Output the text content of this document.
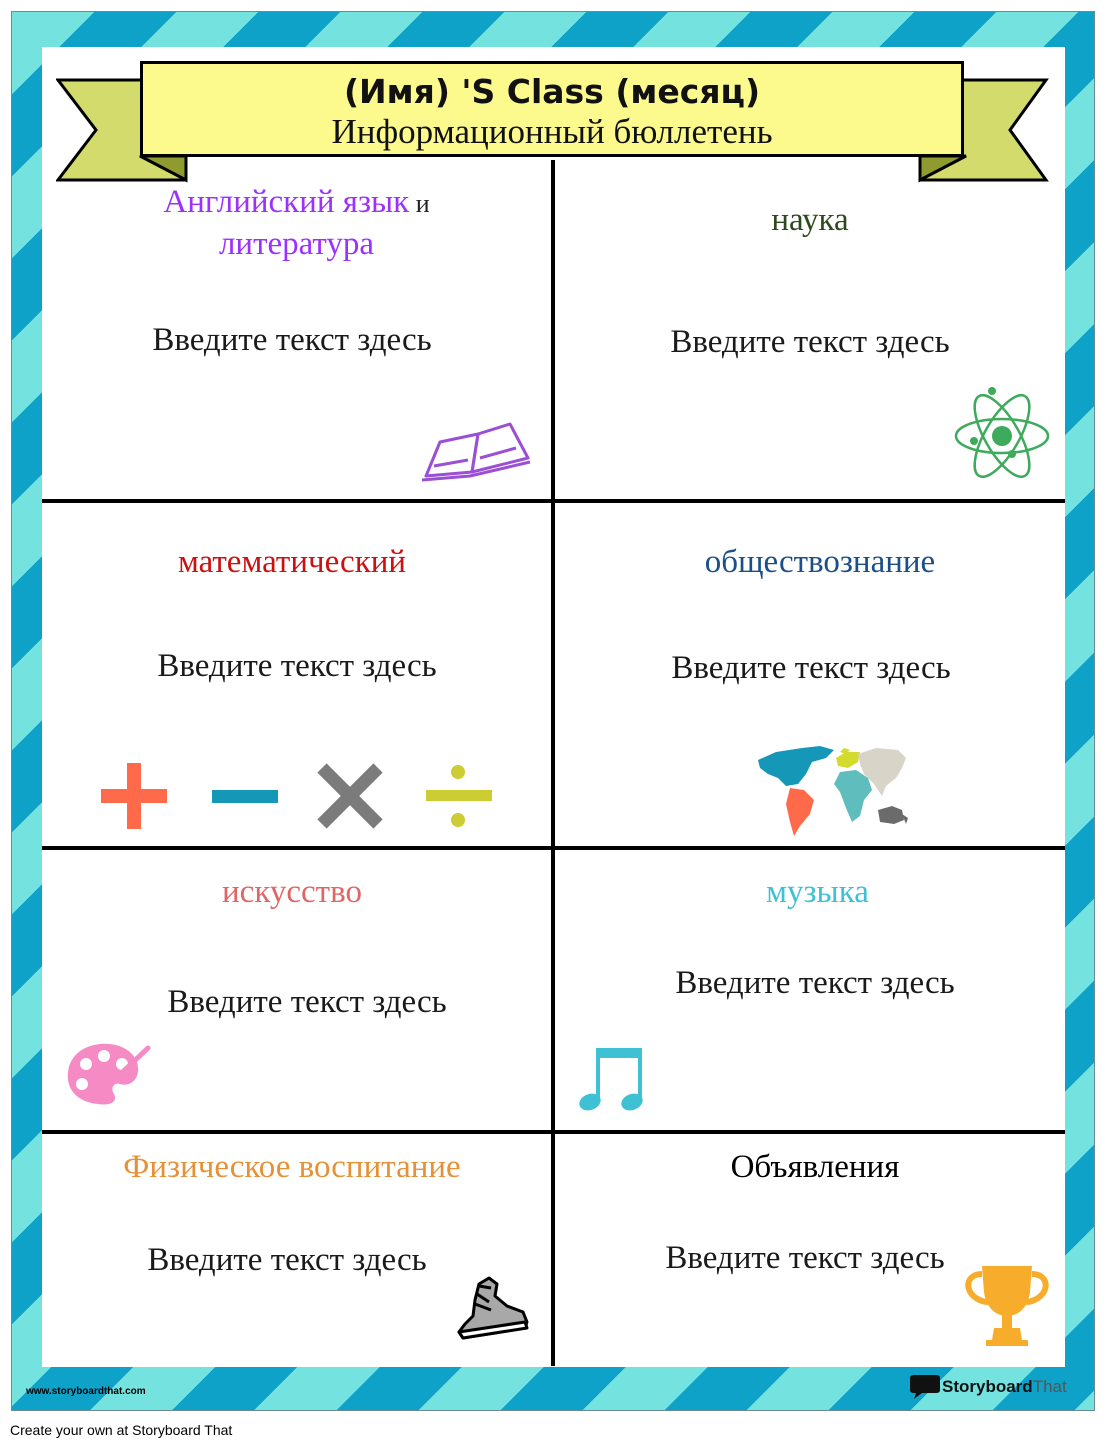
(Имя) 'S Class (месяц)
Информационный бюллетень
Английский язык и
литература
Введите текст здесь
наука
Введите текст здесь
математический
Введите текст здесь
обществознание
Введите текст здесь
искусство
Введите текст здесь
музыка
Введите текст здесь
Физическое воспитание
Введите текст здесь
Объявления
Введите текст здесь
www.storyboardthat.com	Storyboard That
Create your own at Storyboard That
